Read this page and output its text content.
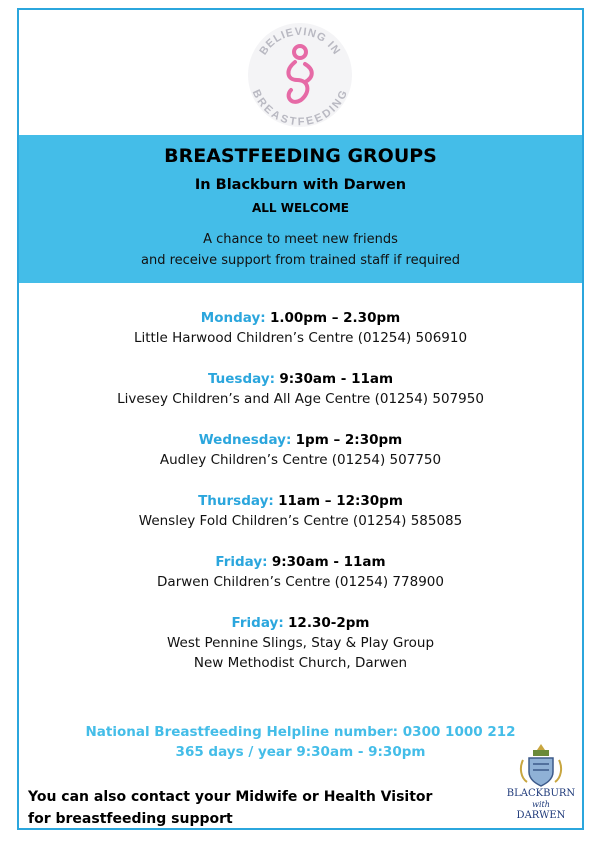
BELIEVING IN
BREASTFEEDING
BREASTFEEDING GROUPS
In Blackburn with Darwen
ALL WELCOME
A chance to meet new friends
and receive support from trained staff if required
Monday: 1.00pm – 2.30pm
Little Harwood Children’s Centre (01254) 506910
Tuesday: 9:30am - 11am
Livesey Children’s and All Age Centre (01254) 507950
Wednesday: 1pm – 2:30pm
Audley Children’s Centre (01254) 507750
Thursday: 11am – 12:30pm
Wensley Fold Children’s Centre (01254) 585085
Friday: 9:30am - 11am
Darwen Children’s Centre (01254) 778900
Friday: 12.30-2pm
West Pennine Slings, Stay & Play Group
New Methodist Church, Darwen
National Breastfeeding Helpline number: 0300 1000 212
365 days / year 9:30am - 9:30pm
You can also contact your Midwife or Health Visitor
for breastfeeding support
BLACKBURN
with
DARWEN
